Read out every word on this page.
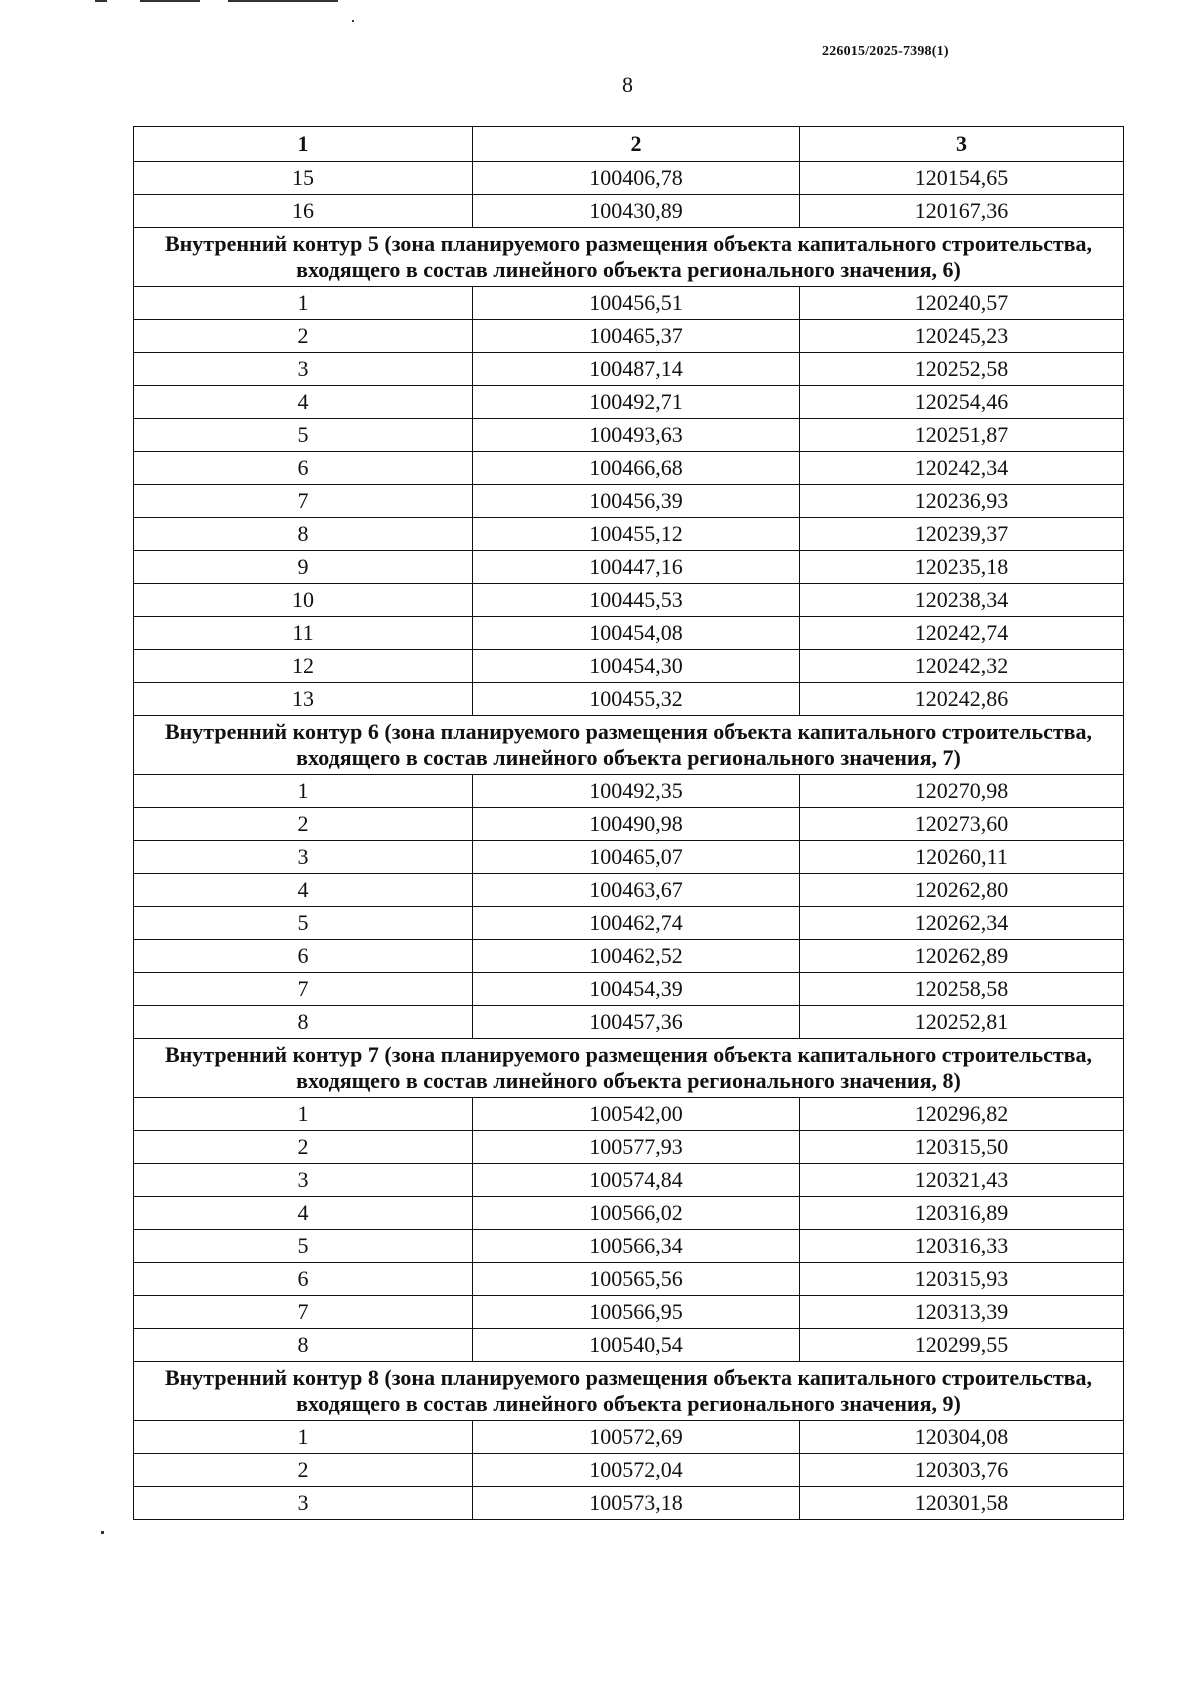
226015/2025-7398(1)
8
1	2	3
15	100406,78	120154,65
16	100430,89	120167,36
Внутренний контур 5 (зона планируемого размещения объекта капитального строительства, входящего в состав линейного объекта регионального значения, 6)		
1	100456,51	120240,57
2	100465,37	120245,23
3	100487,14	120252,58
4	100492,71	120254,46
5	100493,63	120251,87
6	100466,68	120242,34
7	100456,39	120236,93
8	100455,12	120239,37
9	100447,16	120235,18
10	100445,53	120238,34
11	100454,08	120242,74
12	100454,30	120242,32
13	100455,32	120242,86
Внутренний контур 6 (зона планируемого размещения объекта капитального строительства, входящего в состав линейного объекта регионального значения, 7)		
1	100492,35	120270,98
2	100490,98	120273,60
3	100465,07	120260,11
4	100463,67	120262,80
5	100462,74	120262,34
6	100462,52	120262,89
7	100454,39	120258,58
8	100457,36	120252,81
Внутренний контур 7 (зона планируемого размещения объекта капитального строительства, входящего в состав линейного объекта регионального значения, 8)		
1	100542,00	120296,82
2	100577,93	120315,50
3	100574,84	120321,43
4	100566,02	120316,89
5	100566,34	120316,33
6	100565,56	120315,93
7	100566,95	120313,39
8	100540,54	120299,55
Внутренний контур 8 (зона планируемого размещения объекта капитального строительства, входящего в состав линейного объекта регионального значения, 9)		
1	100572,69	120304,08
2	100572,04	120303,76
3	100573,18	120301,58
